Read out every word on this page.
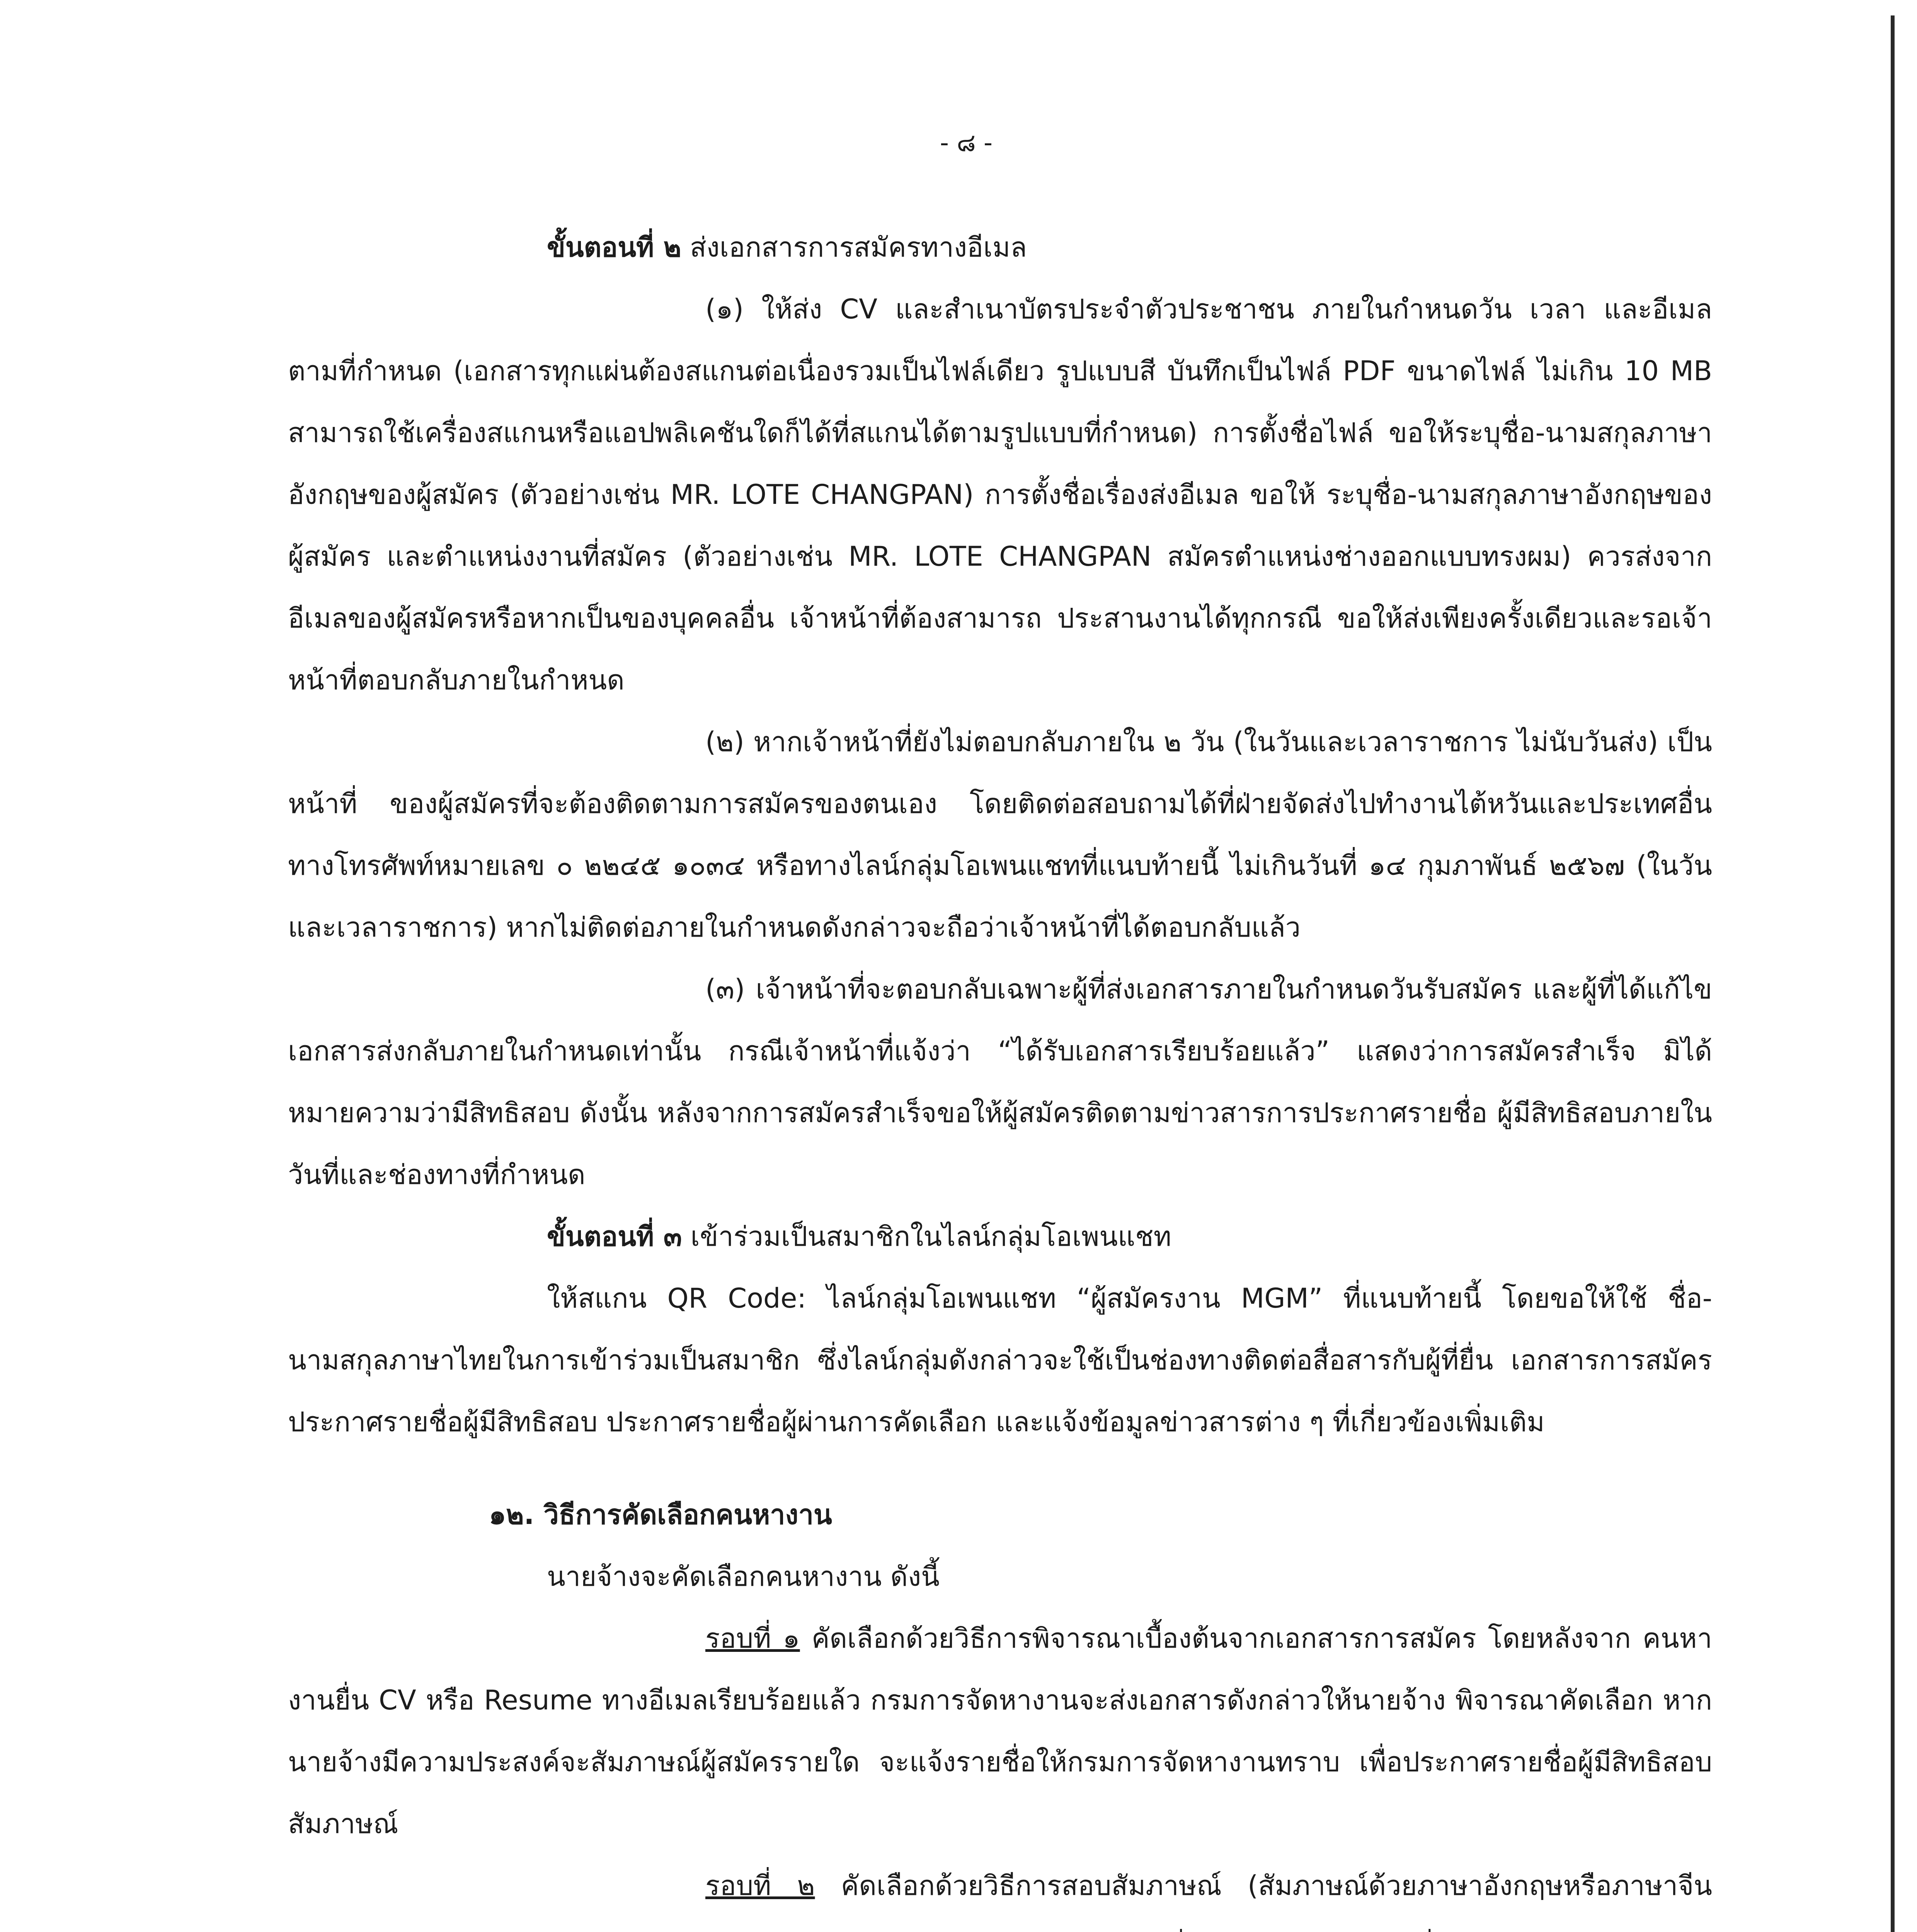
- ๘ -

ขั้นตอนที่ ๒ ส่งเอกสารการสมัครทางอีเมล

(๑) ให้ส่ง CV และสำเนาบัตรประจำตัวประชาชน ภายในกำหนดวัน เวลา และอีเมล ตามที่กำหนด (เอกสารทุกแผ่นต้องสแกนต่อเนื่องรวมเป็นไฟล์เดียว รูปแบบสี บันทึกเป็นไฟล์ PDF ขนาดไฟล์ ไม่เกิน 10 MB สามารถใช้เครื่องสแกนหรือแอปพลิเคชันใดก็ได้ที่สแกนได้ตามรูปแบบที่กำหนด) การตั้งชื่อไฟล์ ขอให้ระบุชื่อ-นามสกุลภาษาอังกฤษของผู้สมัคร (ตัวอย่างเช่น MR. LOTE CHANGPAN) การตั้งชื่อเรื่องส่งอีเมล ขอให้ ระบุชื่อ-นามสกุลภาษาอังกฤษของผู้สมัคร และตำแหน่งงานที่สมัคร (ตัวอย่างเช่น MR. LOTE CHANGPAN สมัครตำแหน่งช่างออกแบบทรงผม) ควรส่งจากอีเมลของผู้สมัครหรือหากเป็นของบุคคลอื่น เจ้าหน้าที่ต้องสามารถ ประสานงานได้ทุกกรณี ขอให้ส่งเพียงครั้งเดียวและรอเจ้าหน้าที่ตอบกลับภายในกำหนด

(๒) หากเจ้าหน้าที่ยังไม่ตอบกลับภายใน ๒ วัน (ในวันและเวลาราชการ ไม่นับวันส่ง) เป็นหน้าที่ ของผู้สมัครที่จะต้องติดตามการสมัครของตนเอง โดยติดต่อสอบถามได้ที่ฝ่ายจัดส่งไปทำงานไต้หวันและประเทศอื่น ทางโทรศัพท์หมายเลข ๐ ๒๒๔๕ ๑๐๓๔ หรือทางไลน์กลุ่มโอเพนแชทที่แนบท้ายนี้ ไม่เกินวันที่ ๑๔ กุมภาพันธ์ ๒๕๖๗ (ในวันและเวลาราชการ) หากไม่ติดต่อภายในกำหนดดังกล่าวจะถือว่าเจ้าหน้าที่ได้ตอบกลับแล้ว

(๓) เจ้าหน้าที่จะตอบกลับเฉพาะผู้ที่ส่งเอกสารภายในกำหนดวันรับสมัคร และผู้ที่ได้แก้ไข เอกสารส่งกลับภายในกำหนดเท่านั้น กรณีเจ้าหน้าที่แจ้งว่า “ได้รับเอกสารเรียบร้อยแล้ว” แสดงว่าการสมัครสำเร็จ มิได้หมายความว่ามีสิทธิสอบ ดังนั้น หลังจากการสมัครสำเร็จขอให้ผู้สมัครติดตามข่าวสารการประกาศรายชื่อ ผู้มีสิทธิสอบภายในวันที่และช่องทางที่กำหนด

ขั้นตอนที่ ๓ เข้าร่วมเป็นสมาชิกในไลน์กลุ่มโอเพนแชท

ให้สแกน QR Code: ไลน์กลุ่มโอเพนแชท “ผู้สมัครงาน MGM” ที่แนบท้ายนี้ โดยขอให้ใช้ ชื่อ-นามสกุลภาษาไทยในการเข้าร่วมเป็นสมาชิก ซึ่งไลน์กลุ่มดังกล่าวจะใช้เป็นช่องทางติดต่อสื่อสารกับผู้ที่ยื่น เอกสารการสมัคร ประกาศรายชื่อผู้มีสิทธิสอบ ประกาศรายชื่อผู้ผ่านการคัดเลือก และแจ้งข้อมูลข่าวสารต่าง ๆ ที่เกี่ยวข้องเพิ่มเติม

๑๒. วิธีการคัดเลือกคนหางาน

นายจ้างจะคัดเลือกคนหางาน ดังนี้

รอบที่ ๑ คัดเลือกด้วยวิธีการพิจารณาเบื้องต้นจากเอกสารการสมัคร โดยหลังจาก คนหางานยื่น CV หรือ Resume ทางอีเมลเรียบร้อยแล้ว กรมการจัดหางานจะส่งเอกสารดังกล่าวให้นายจ้าง พิจารณาคัดเลือก หากนายจ้างมีความประสงค์จะสัมภาษณ์ผู้สมัครรายใด จะแจ้งรายชื่อให้กรมการจัดหางานทราบ เพื่อประกาศรายชื่อผู้มีสิทธิสอบสัมภาษณ์

รอบที่ ๒ คัดเลือกด้วยวิธีการสอบสัมภาษณ์ (สัมภาษณ์ด้วยภาษาอังกฤษหรือภาษาจีน
